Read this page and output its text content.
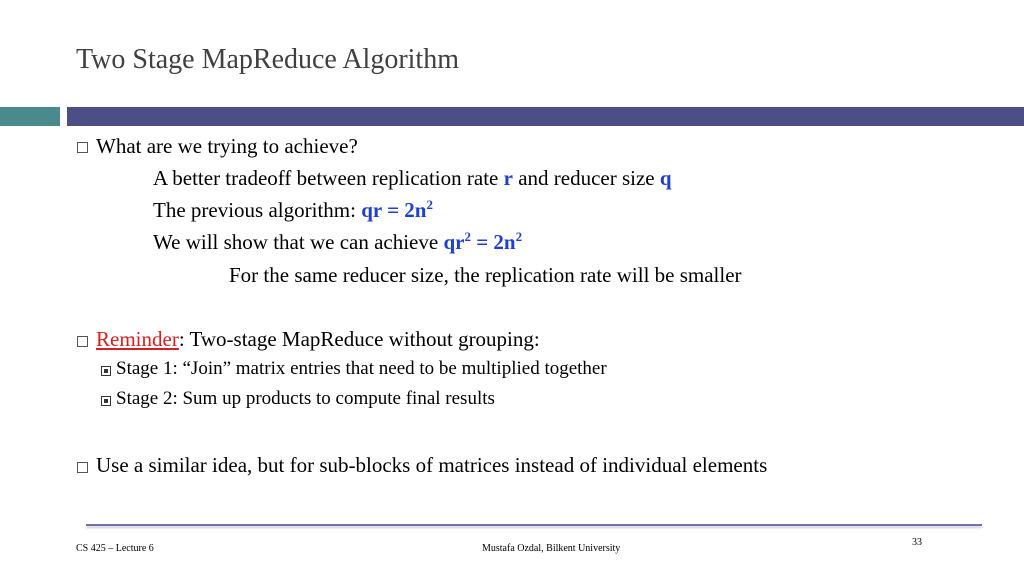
Two Stage MapReduce Algorithm
What are we trying to achieve?
A better tradeoff between replication rate r and reducer size q
The previous algorithm: qr = $2n^2$
We will show that we can achieve $qr^2 = 2n^2$
For the same reducer size, the replication rate will be smaller
Reminder: Two-stage MapReduce without grouping:
Stage 1: “Join” matrix entries that need to be multiplied together
Stage 2: Sum up products to compute final results
Use a similar idea, but for sub-blocks of matrices instead of individual elements
CS 425 – Lecture 6	Mustafa Ozdal, Bilkent University
33
